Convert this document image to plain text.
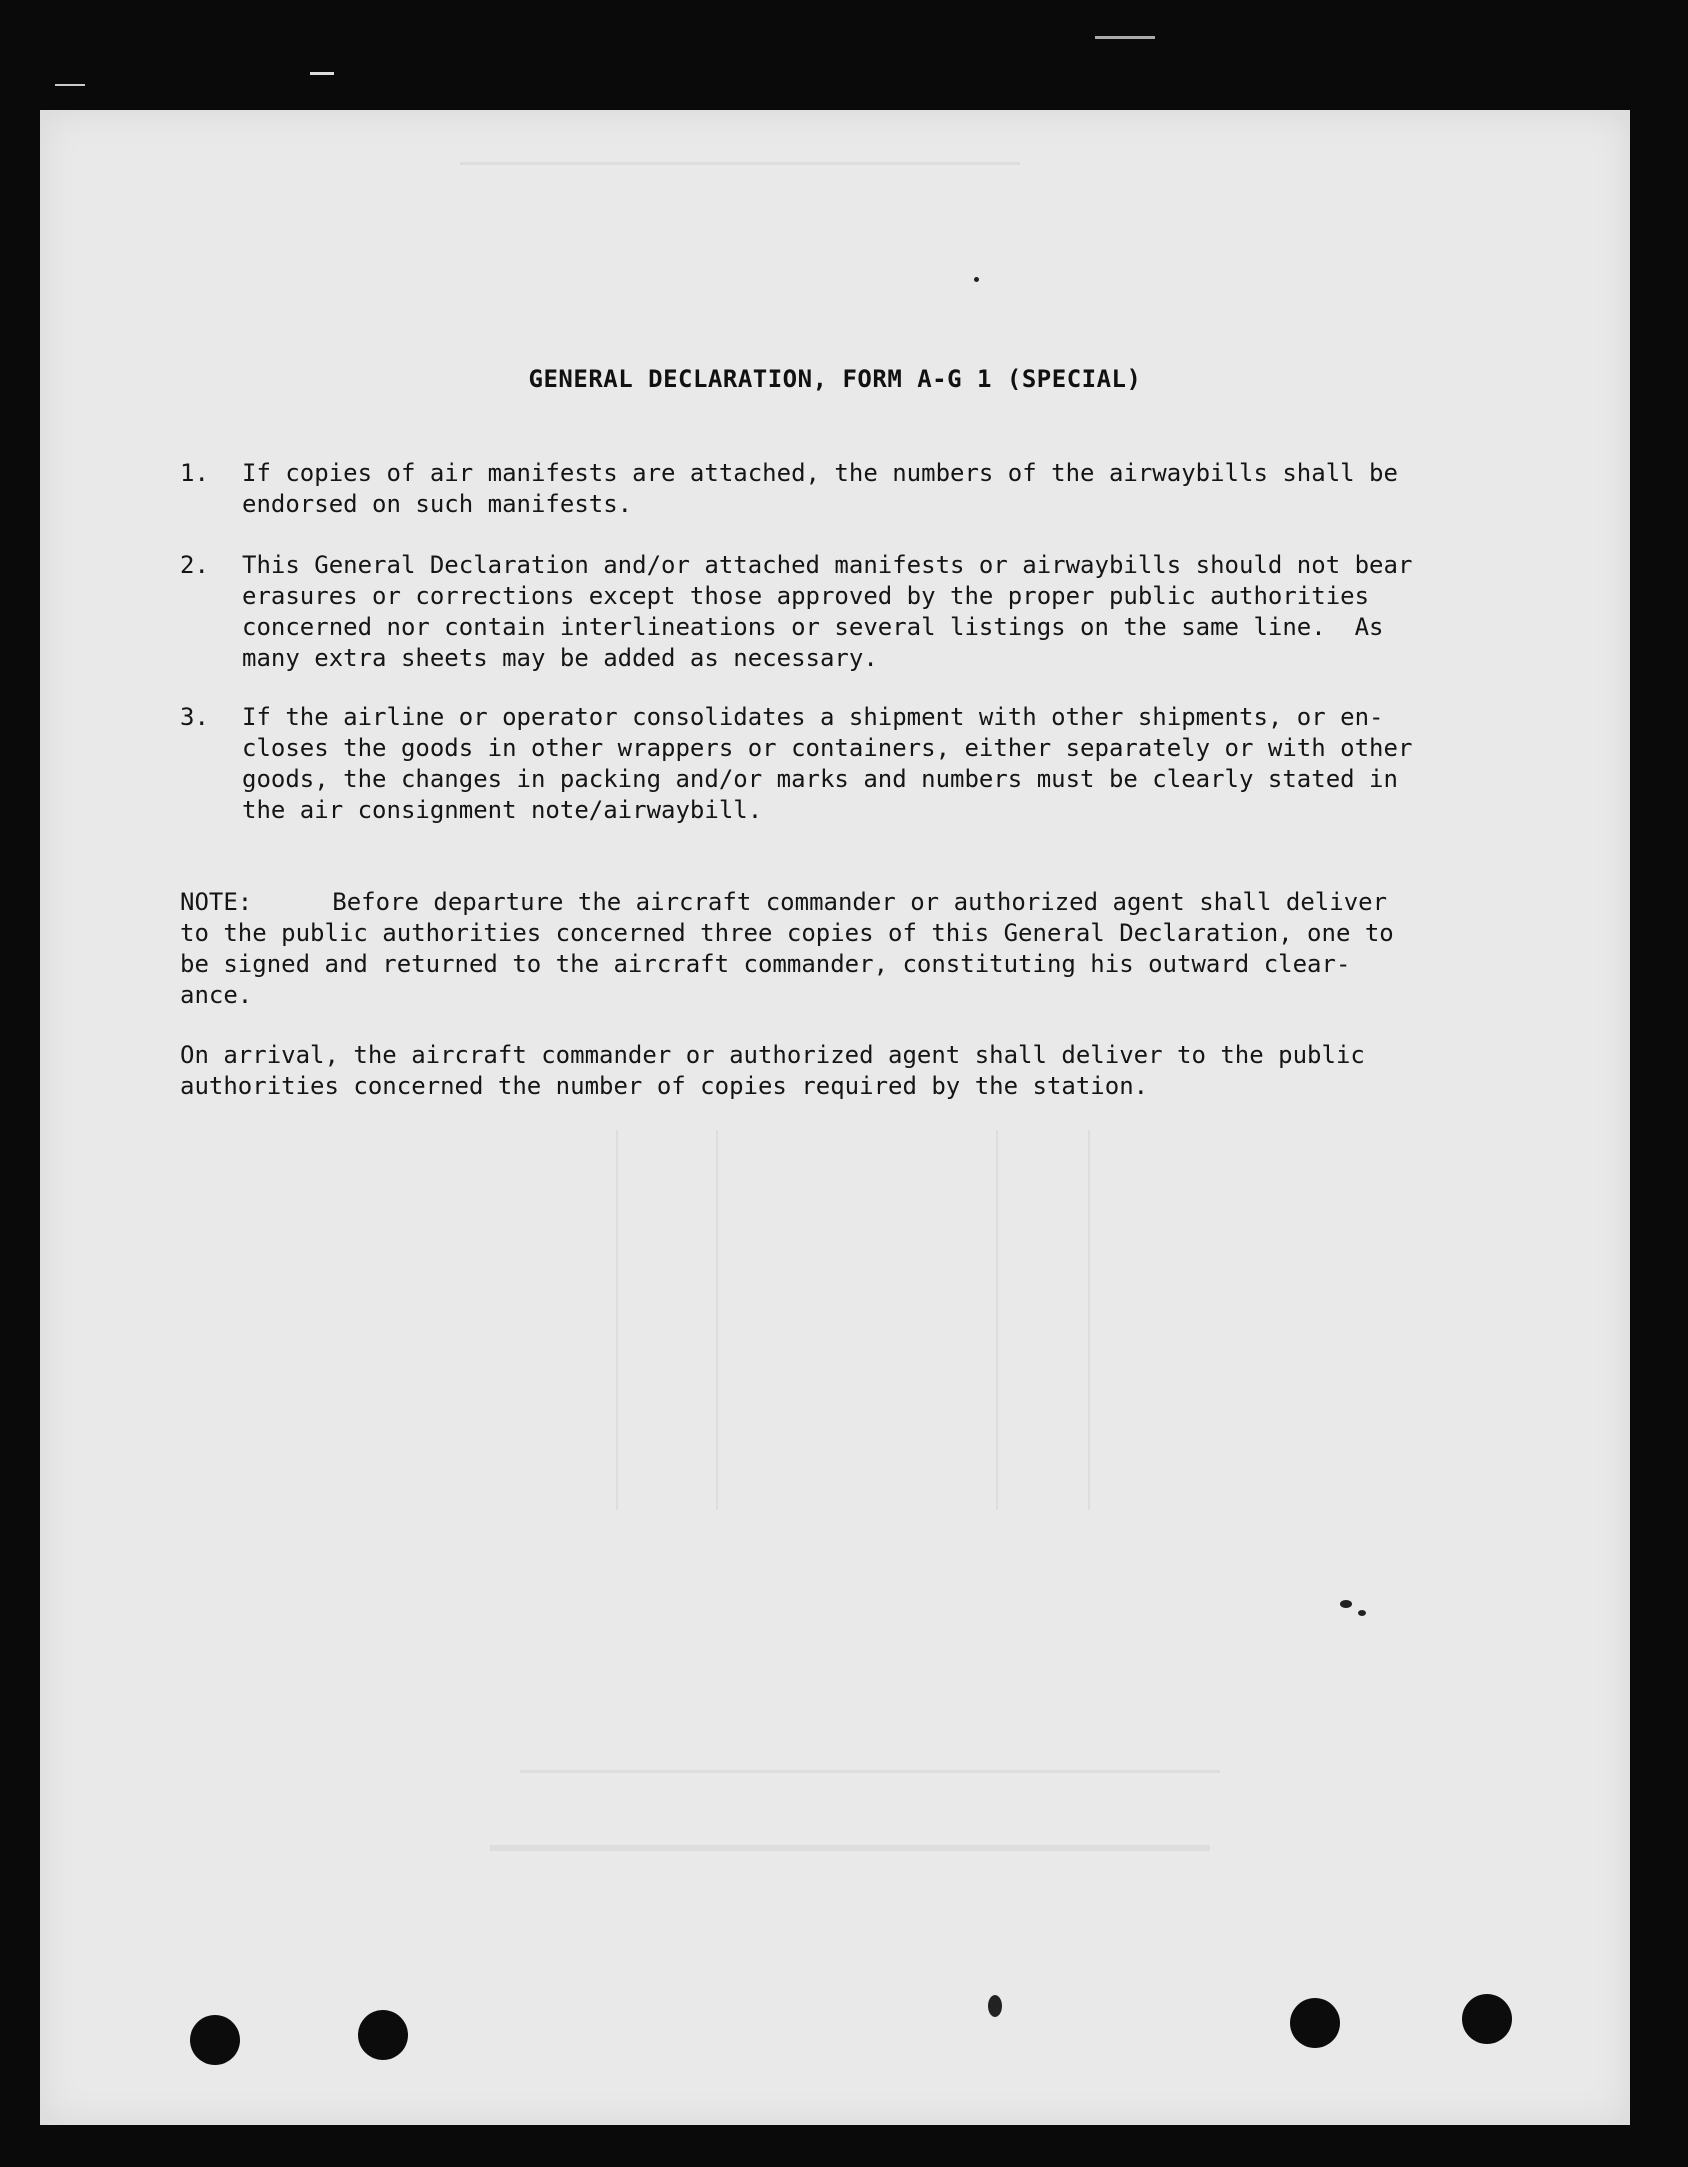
GENERAL DECLARATION, FORM A-G 1 (SPECIAL)
1. If copies of air manifests are attached, the numbers of the airwaybills shall be
endorsed on such manifests.
2. This General Declaration and/or attached manifests or airwaybills should not bear
erasures or corrections except those approved by the proper public authorities
concerned nor contain interlineations or several listings on the same line.  As
many extra sheets may be added as necessary.
3. If the airline or operator consolidates a shipment with other shipments, or en-
closes the goods in other wrappers or containers, either separately or with other
goods, the changes in packing and/or marks and numbers must be clearly stated in
the air consignment note/airwaybill.
NOTE:	Before departure the aircraft commander or authorized agent shall deliver
to the public authorities concerned three copies of this General Declaration, one to
be signed and returned to the aircraft commander, constituting his outward clear-
ance.
On arrival, the aircraft commander or authorized agent shall deliver to the public
authorities concerned the number of copies required by the station.
